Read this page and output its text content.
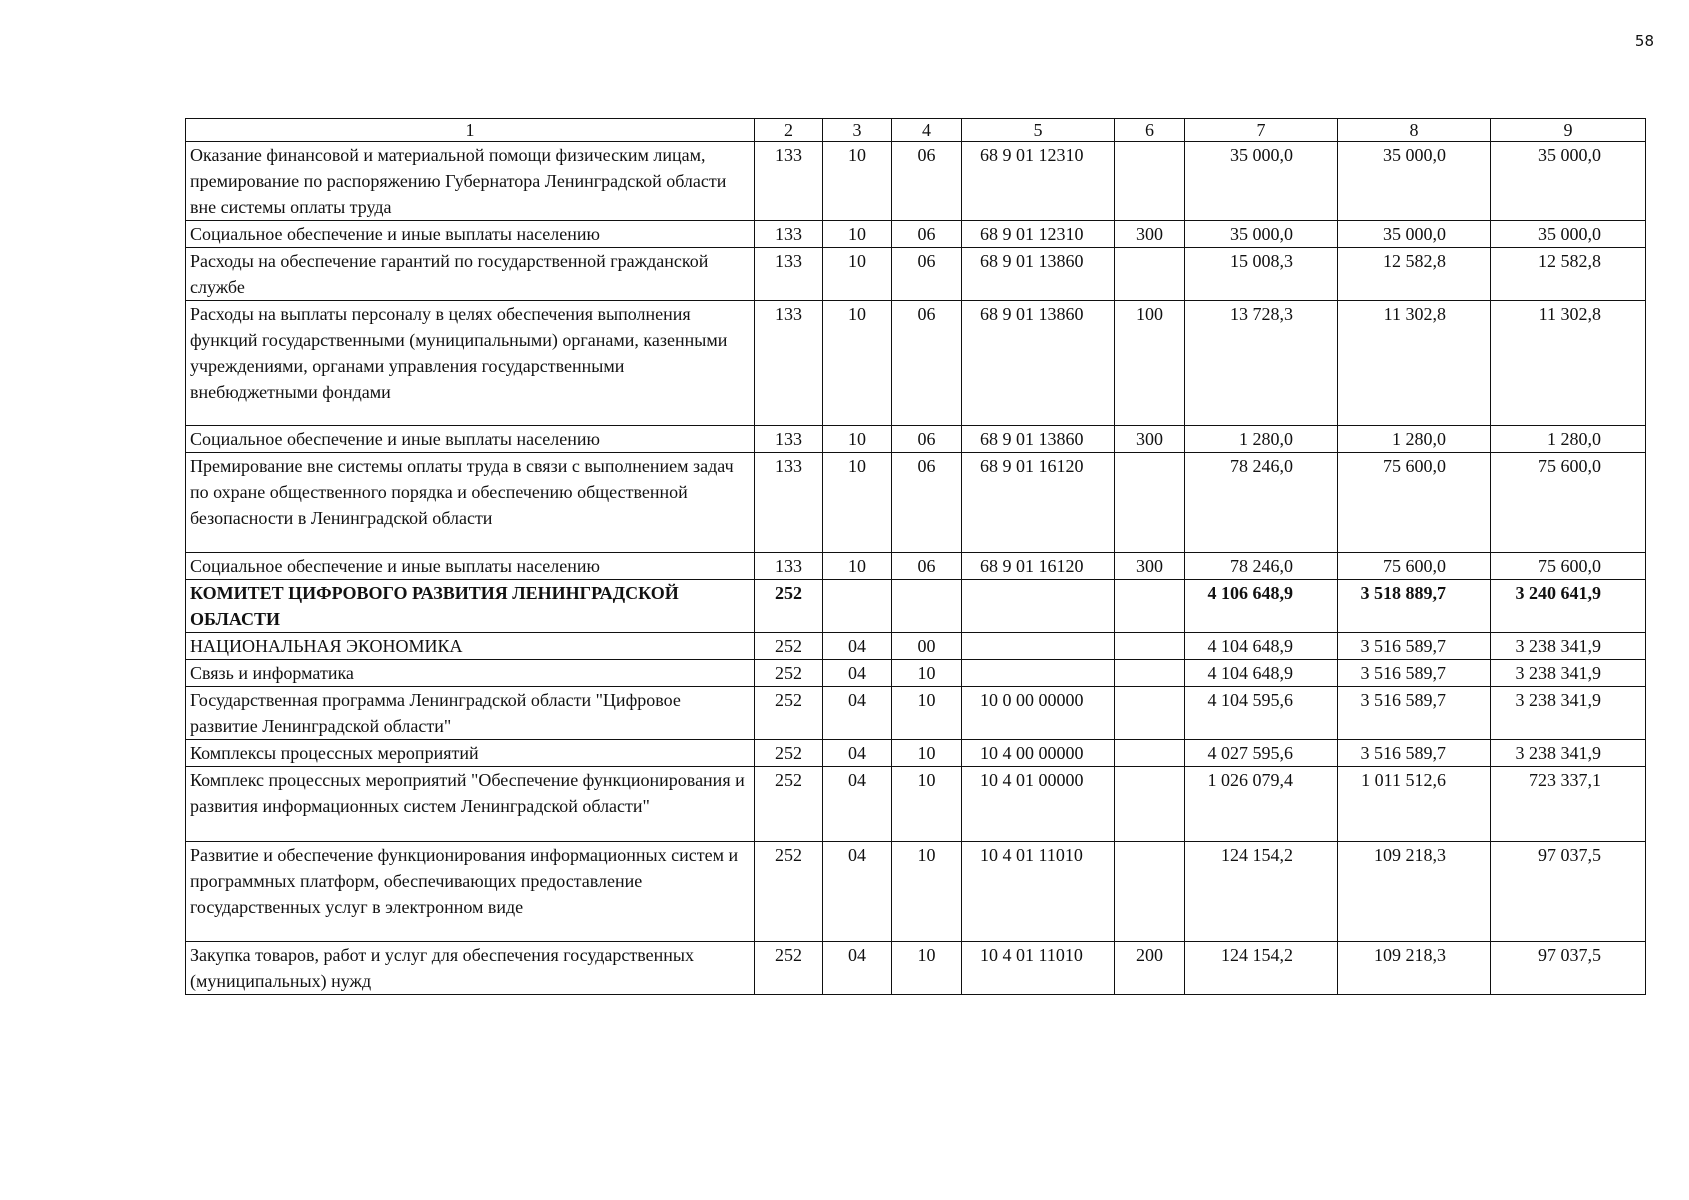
58
1	2	3	4	5	6	7	8	9
Оказание финансовой и материальной помощи физическим лицам, премирование по распоряжению Губернатора Ленинградской области вне системы оплаты труда	133	10	06	68 9 01 12310		35 000,0	35 000,0	35 000,0
Социальное обеспечение и иные выплаты населению	133	10	06	68 9 01 12310	300	35 000,0	35 000,0	35 000,0
Расходы на обеспечение гарантий по государственной гражданской службе	133	10	06	68 9 01 13860		15 008,3	12 582,8	12 582,8
Расходы на выплаты персоналу в целях обеспечения выполнения функций государственными (муниципальными) органами, казенными учреждениями, органами управления государственными внебюджетными фондами	133	10	06	68 9 01 13860	100	13 728,3	11 302,8	11 302,8
Социальное обеспечение и иные выплаты населению	133	10	06	68 9 01 13860	300	1 280,0	1 280,0	1 280,0
Премирование вне системы оплаты труда в связи с выполнением задач по охране общественного порядка и обеспечению общественной безопасности в Ленинградской области	133	10	06	68 9 01 16120		78 246,0	75 600,0	75 600,0
Социальное обеспечение и иные выплаты населению	133	10	06	68 9 01 16120	300	78 246,0	75 600,0	75 600,0
КОМИТЕТ ЦИФРОВОГО РАЗВИТИЯ ЛЕНИНГРАДСКОЙ ОБЛАСТИ	252					4 106 648,9	3 518 889,7	3 240 641,9
НАЦИОНАЛЬНАЯ ЭКОНОМИКА	252	04	00			4 104 648,9	3 516 589,7	3 238 341,9
Связь и информатика	252	04	10			4 104 648,9	3 516 589,7	3 238 341,9
Государственная программа Ленинградской области "Цифровое развитие Ленинградской области"	252	04	10	10 0 00 00000		4 104 595,6	3 516 589,7	3 238 341,9
Комплексы процессных мероприятий	252	04	10	10 4 00 00000		4 027 595,6	3 516 589,7	3 238 341,9
Комплекс процессных мероприятий "Обеспечение функционирования и развития информационных систем Ленинградской области"	252	04	10	10 4 01 00000		1 026 079,4	1 011 512,6	723 337,1
Развитие и обеспечение функционирования информационных систем и программных платформ, обеспечивающих предоставление государственных услуг в электронном виде	252	04	10	10 4 01 11010		124 154,2	109 218,3	97 037,5
Закупка товаров, работ и услуг для обеспечения государственных (муниципальных) нужд	252	04	10	10 4 01 11010	200	124 154,2	109 218,3	97 037,5
